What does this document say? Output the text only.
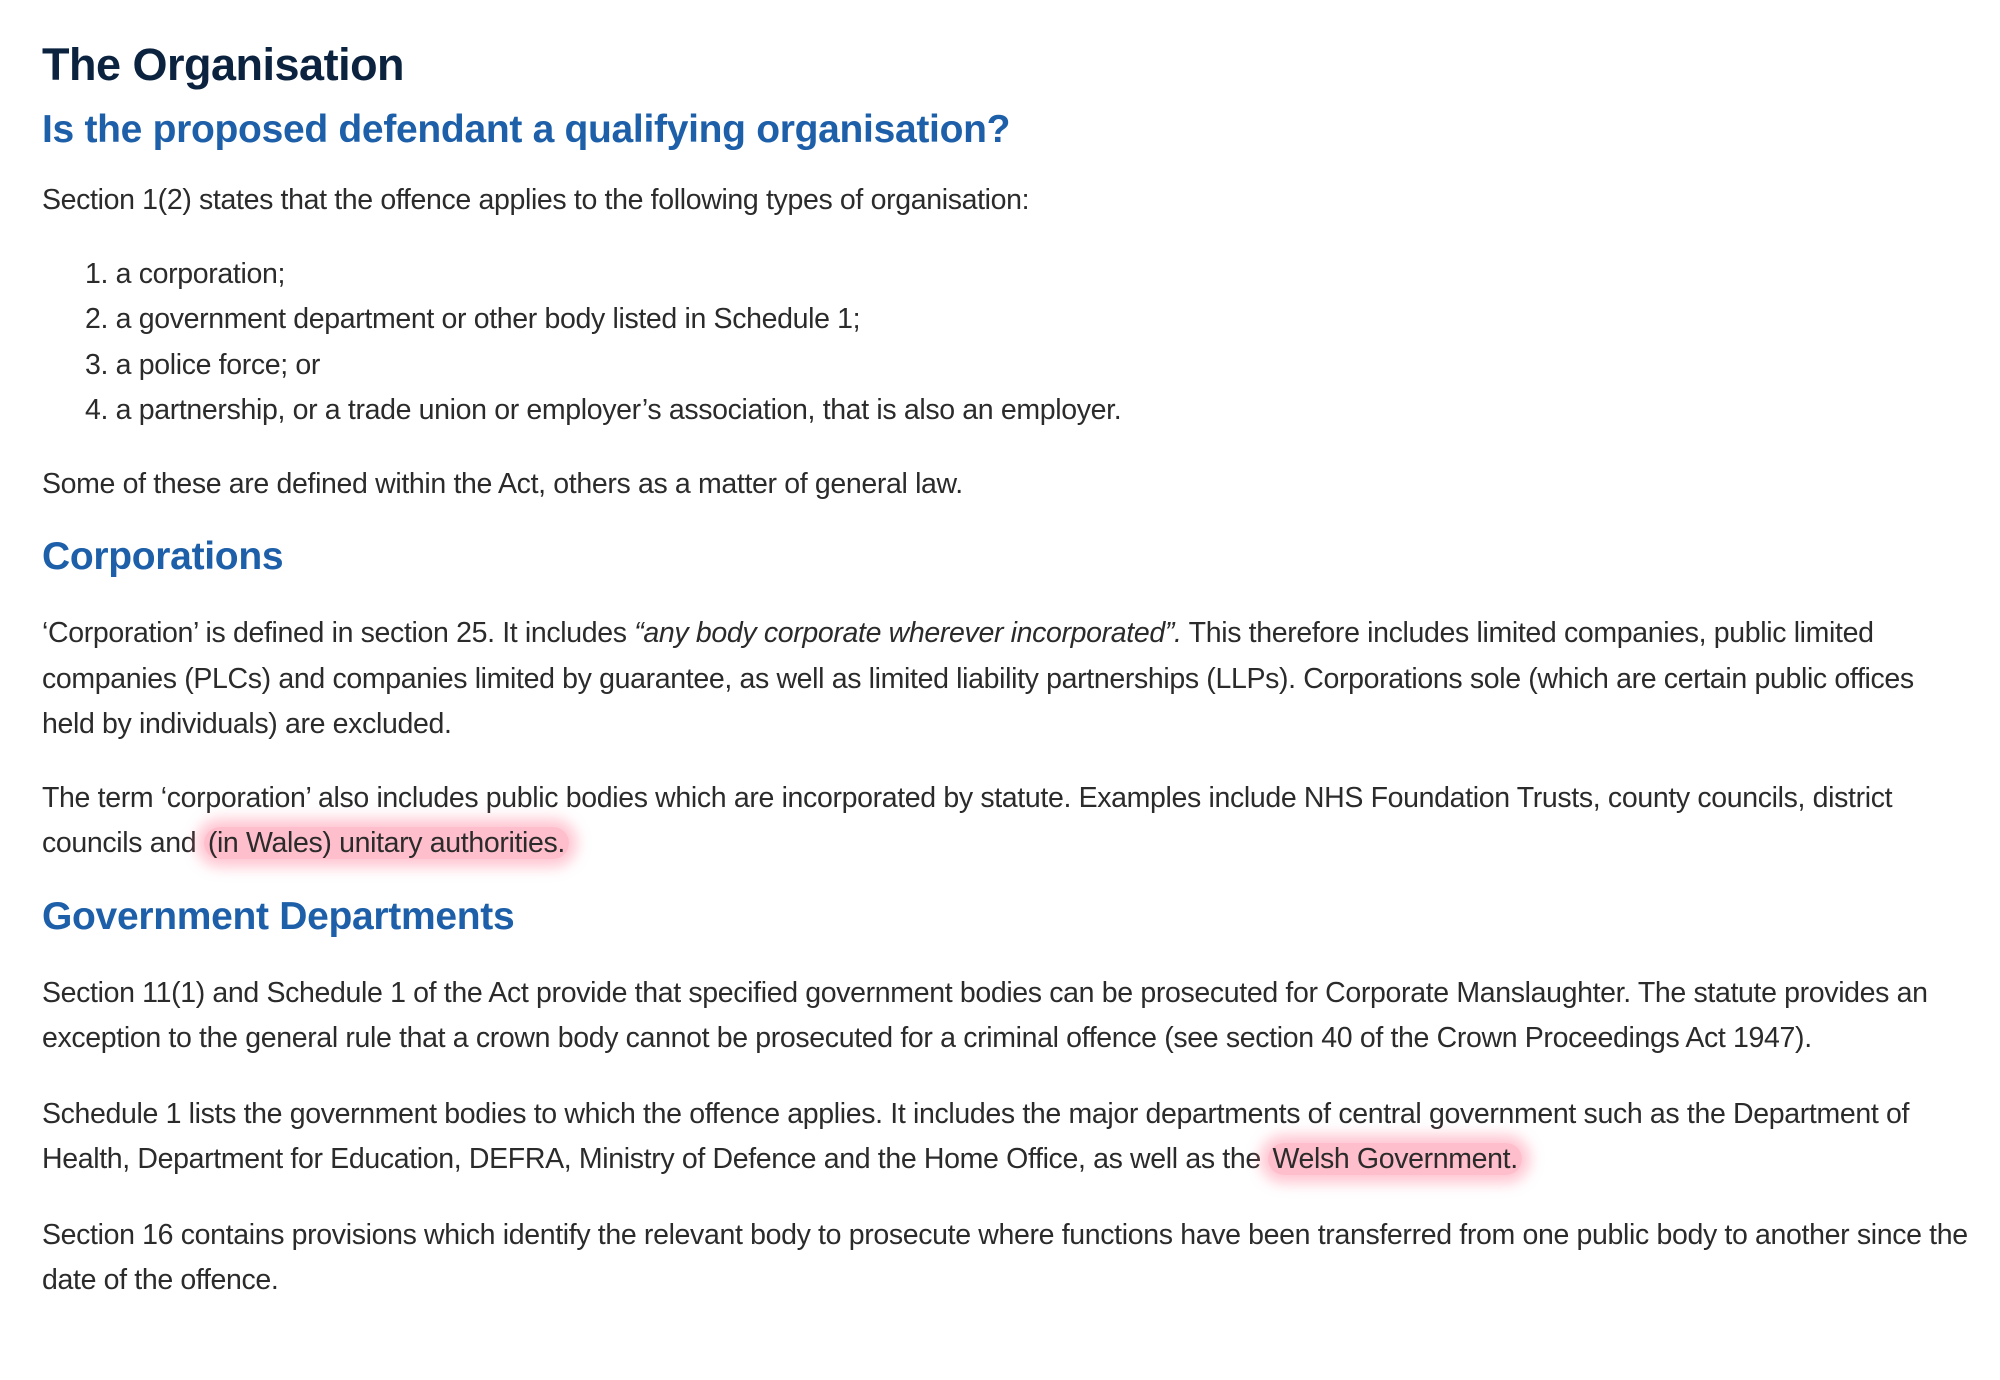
The Organisation
Is the proposed defendant a qualifying organisation?

Section 1(2) states that the offence applies to the following types of organisation:

1. a corporation;
2. a government department or other body listed in Schedule 1;
3. a police force; or
4. a partnership, or a trade union or employer’s association, that is also an employer.

Some of these are defined within the Act, others as a matter of general law.

Corporations

‘Corporation’ is defined in section 25. It includes “any body corporate wherever incorporated”. This therefore includes limited companies, public limited companies (PLCs) and companies limited by guarantee, as well as limited liability partnerships (LLPs). Corporations sole (which are certain public offices held by individuals) are excluded.

The term ‘corporation’ also includes public bodies which are incorporated by statute. Examples include NHS Foundation Trusts, county councils, district councils and (in Wales) unitary authorities.

Government Departments

Section 11(1) and Schedule 1 of the Act provide that specified government bodies can be prosecuted for Corporate Manslaughter. The statute provides an exception to the general rule that a crown body cannot be prosecuted for a criminal offence (see section 40 of the Crown Proceedings Act 1947).

Schedule 1 lists the government bodies to which the offence applies. It includes the major departments of central government such as the Department of Health, Department for Education, DEFRA, Ministry of Defence and the Home Office, as well as the Welsh Government.

Section 16 contains provisions which identify the relevant body to prosecute where functions have been transferred from one public body to another since the date of the offence.
